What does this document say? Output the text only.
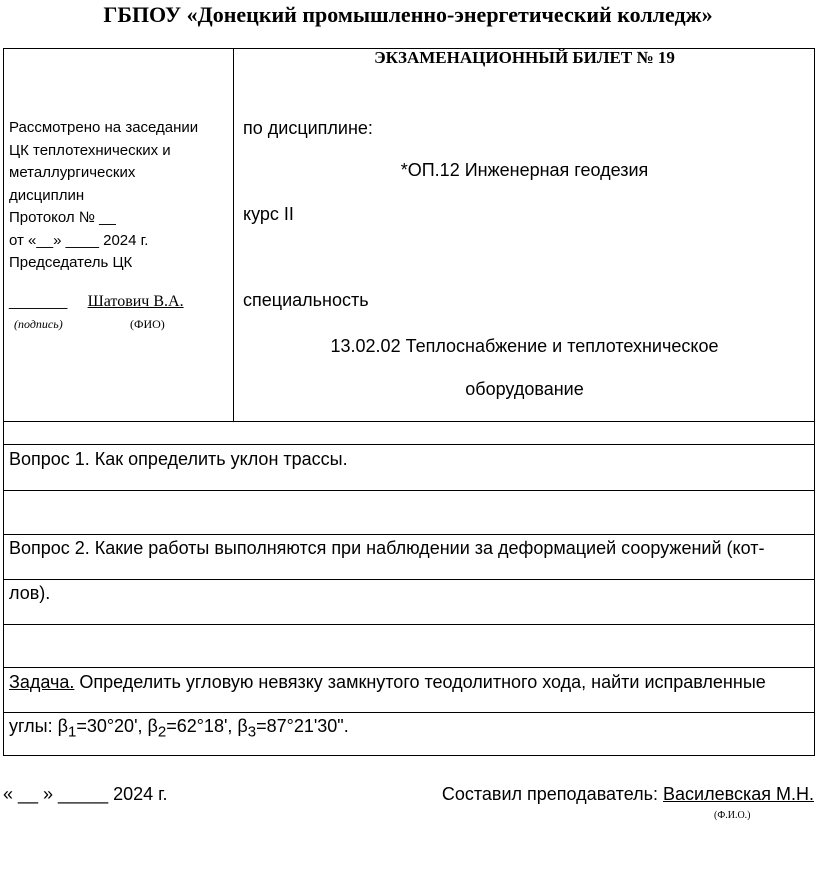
ГБПОУ «Донецкий промышленно-энергетический колледж»
Рассмотрено на заседании
ЦК теплотехнических и
металлургических
дисциплин
Протокол № __
от «__» ____ 2024 г.
Председатель ЦК
_______ Шатович В.А.
(подпись)	(ФИО)
ЭКЗАМЕНАЦИОННЫЙ БИЛЕТ № 19
по дисциплине:
*ОП.12 Инженерная геодезия
курс II
специальность
13.02.02 Теплоснабжение и теплотехническое
оборудование
Вопрос 1. Как определить уклон трассы.
Вопрос 2. Какие работы выполняются при наблюдении за деформацией сооружений (кот-
лов).
Задача. Определить угловую невязку замкнутого теодолитного хода, найти исправленные
углы: $\beta_1=30^\circ 20'$, $\beta_2=62^\circ 18'$, $\beta_3=87^\circ 21'30$".
« __ » _____ 2024 г.	Составил преподаватель: Василевская М.Н.
(Ф.И.О.)
